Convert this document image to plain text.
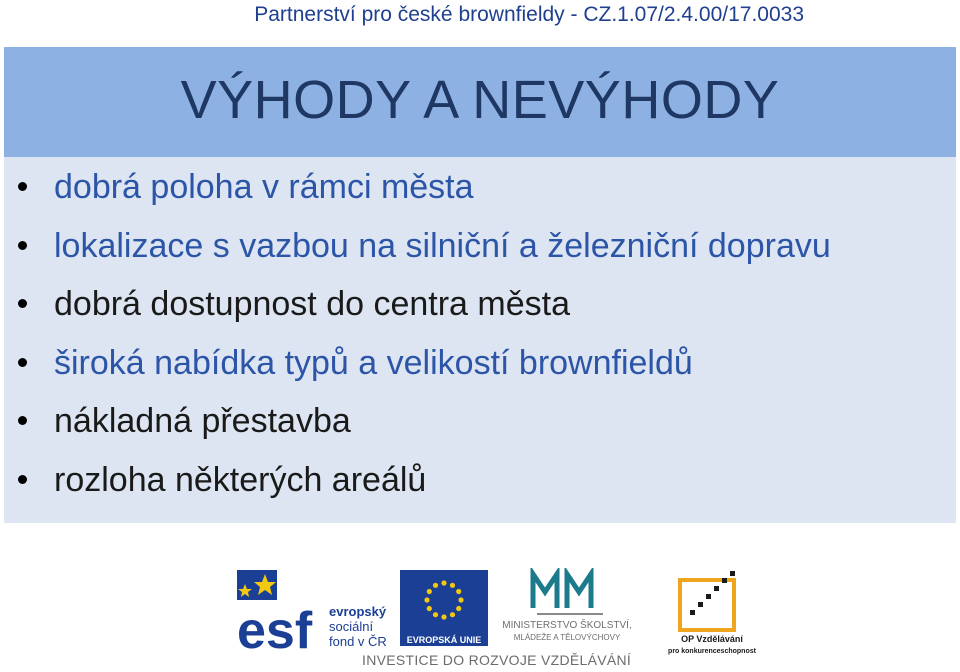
Partnerství pro české brownfieldy - CZ.1.07/2.4.00/17.0033
VÝHODY A NEVÝHODY
dobrá poloha v rámci města
lokalizace s vazbou na silniční a železniční dopravu
dobrá dostupnost do centra města
široká nabídka typů a velikostí brownfieldů
nákladná přestavba
rozloha některých areálů
esf evropský
sociální
fond v ČR EVROPSKÁ UNIE
MINISTERSTVO ŠKOLSTVÍ,
MLÁDEŽE A TĚLOVÝCHOVY	OP Vzdělávání
pro konkurenceschopnost
INVESTICE DO ROZVOJE VZDĚLÁVÁNÍ
